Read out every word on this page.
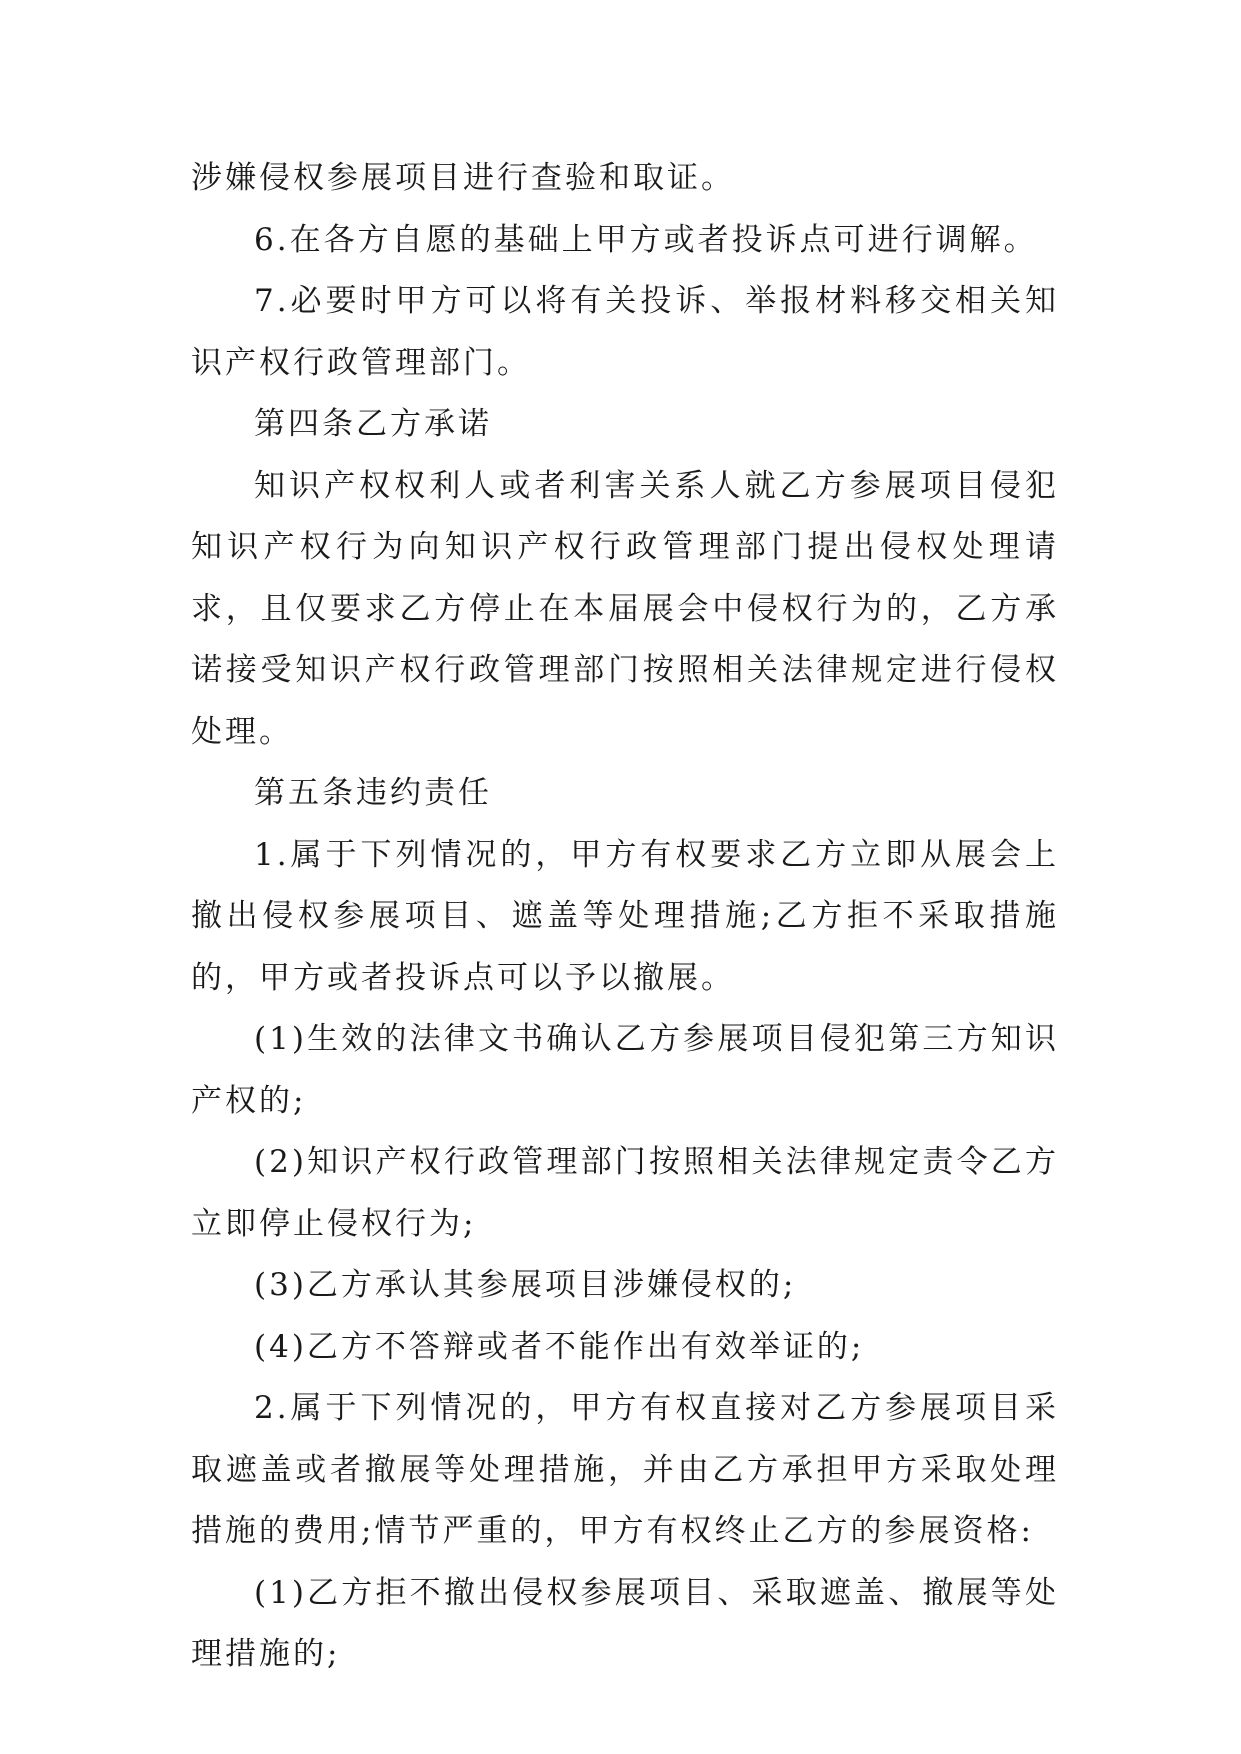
涉嫌侵权参展项目进行查验和取证。

6.在各方自愿的基础上甲方或者投诉点可进行调解。

7.必要时甲方可以将有关投诉、举报材料移交相关知识产权行政管理部门。

第四条乙方承诺

知识产权权利人或者利害关系人就乙方参展项目侵犯知识产权行为向知识产权行政管理部门提出侵权处理请求，且仅要求乙方停止在本届展会中侵权行为的，乙方承诺接受知识产权行政管理部门按照相关法律规定进行侵权处理。

第五条违约责任

1.属于下列情况的，甲方有权要求乙方立即从展会上撤出侵权参展项目、遮盖等处理措施;乙方拒不采取措施的，甲方或者投诉点可以予以撤展。

(1)生效的法律文书确认乙方参展项目侵犯第三方知识产权的;

(2)知识产权行政管理部门按照相关法律规定责令乙方立即停止侵权行为;

(3)乙方承认其参展项目涉嫌侵权的;

(4)乙方不答辩或者不能作出有效举证的;

2.属于下列情况的，甲方有权直接对乙方参展项目采取遮盖或者撤展等处理措施，并由乙方承担甲方采取处理措施的费用;情节严重的，甲方有权终止乙方的参展资格:

(1)乙方拒不撤出侵权参展项目、采取遮盖、撤展等处理措施的;
